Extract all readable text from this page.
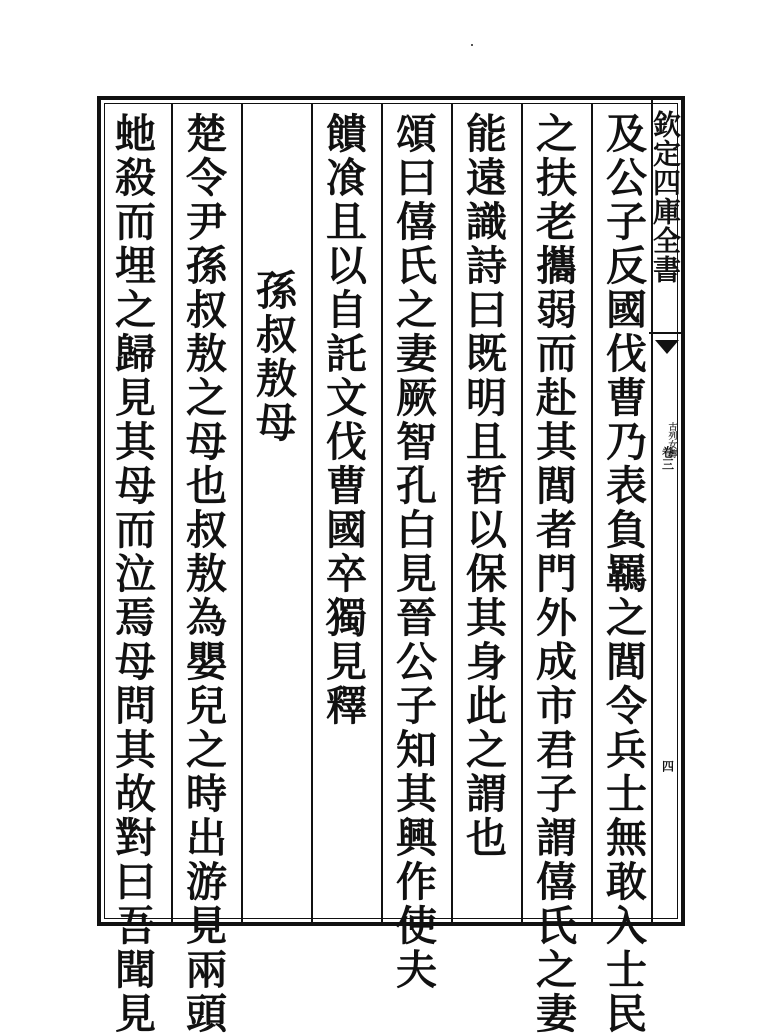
虵殺而埋之歸見其母而泣焉母問其故對曰吾聞見 楚令尹孫叔敖之母也叔敖為嬰兒之時出游見兩頭 孫叔敖母 饋飡且以自託文伐曹國卒獨見釋 頌曰僖氏之妻厥智孔白見晉公子知其興作使夫 能遠識詩曰既明且哲以保其身此之謂也 之扶老攜弱而赴其閭者門外成市君子謂僖氏之妻 及公子反國伐曹乃表負羈之閭令兵士無敢入士民 欽定四庫全書
古列女傳
卷三
四
